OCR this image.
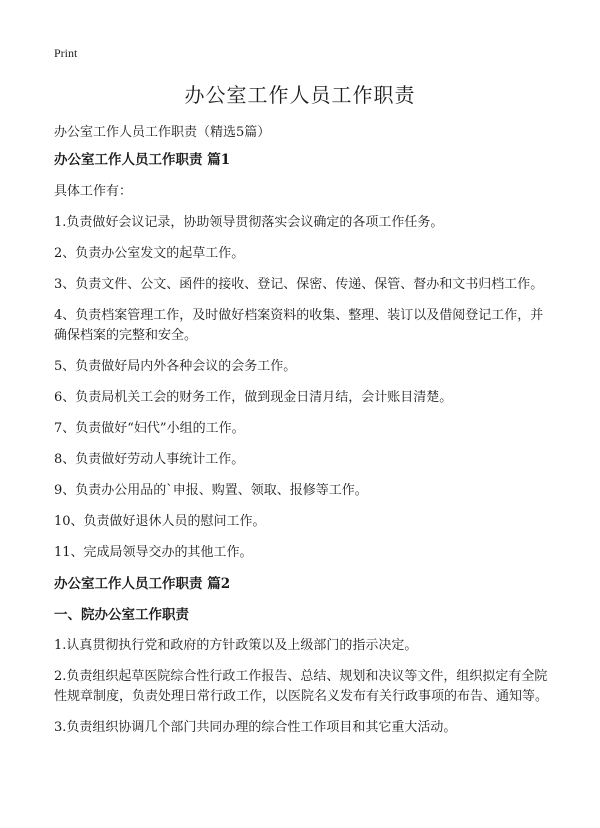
Print
办公室工作人员工作职责

办公室工作人员工作职责（精选5篇）

办公室工作人员工作职责 篇1

具体工作有：

1.负责做好会议记录，协助领导贯彻落实会议确定的各项工作任务。

2、负责办公室发文的起草工作。

3、负责文件、公文、函件的接收、登记、保密、传递、保管、督办和文书归档工作。

4、负责档案管理工作，及时做好档案资料的收集、整理、装订以及借阅登记工作，并确保档案的完整和安全。

5、负责做好局内外各种会议的会务工作。

6、负责局机关工会的财务工作，做到现金日清月结，会计账目清楚。

7、负责做好“妇代”小组的工作。

8、负责做好劳动人事统计工作。

9、负责办公用品的`申报、购置、领取、报修等工作。

10、负责做好退休人员的慰问工作。

11、完成局领导交办的其他工作。

办公室工作人员工作职责 篇2

一、院办公室工作职责

1.认真贯彻执行党和政府的方针政策以及上级部门的指示决定。

2.负责组织起草医院综合性行政工作报告、总结、规划和决议等文件，组织拟定有全院性规章制度，负责处理日常行政工作，以医院名义发布有关行政事项的布告、通知等。

3.负责组织协调几个部门共同办理的综合性工作项目和其它重大活动。
